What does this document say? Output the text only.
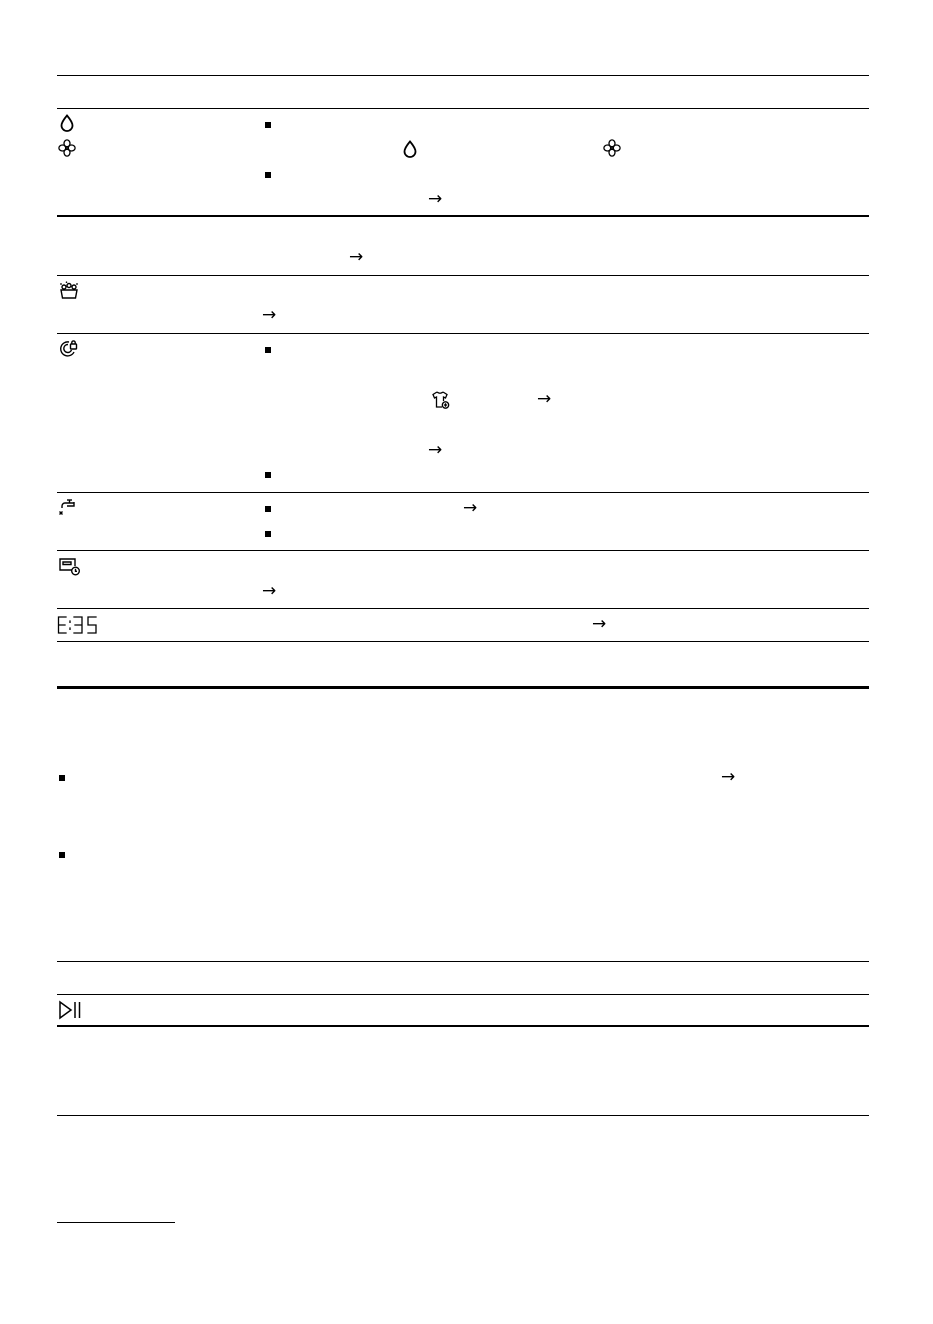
→
→
→
→
→
→
→
→
→
